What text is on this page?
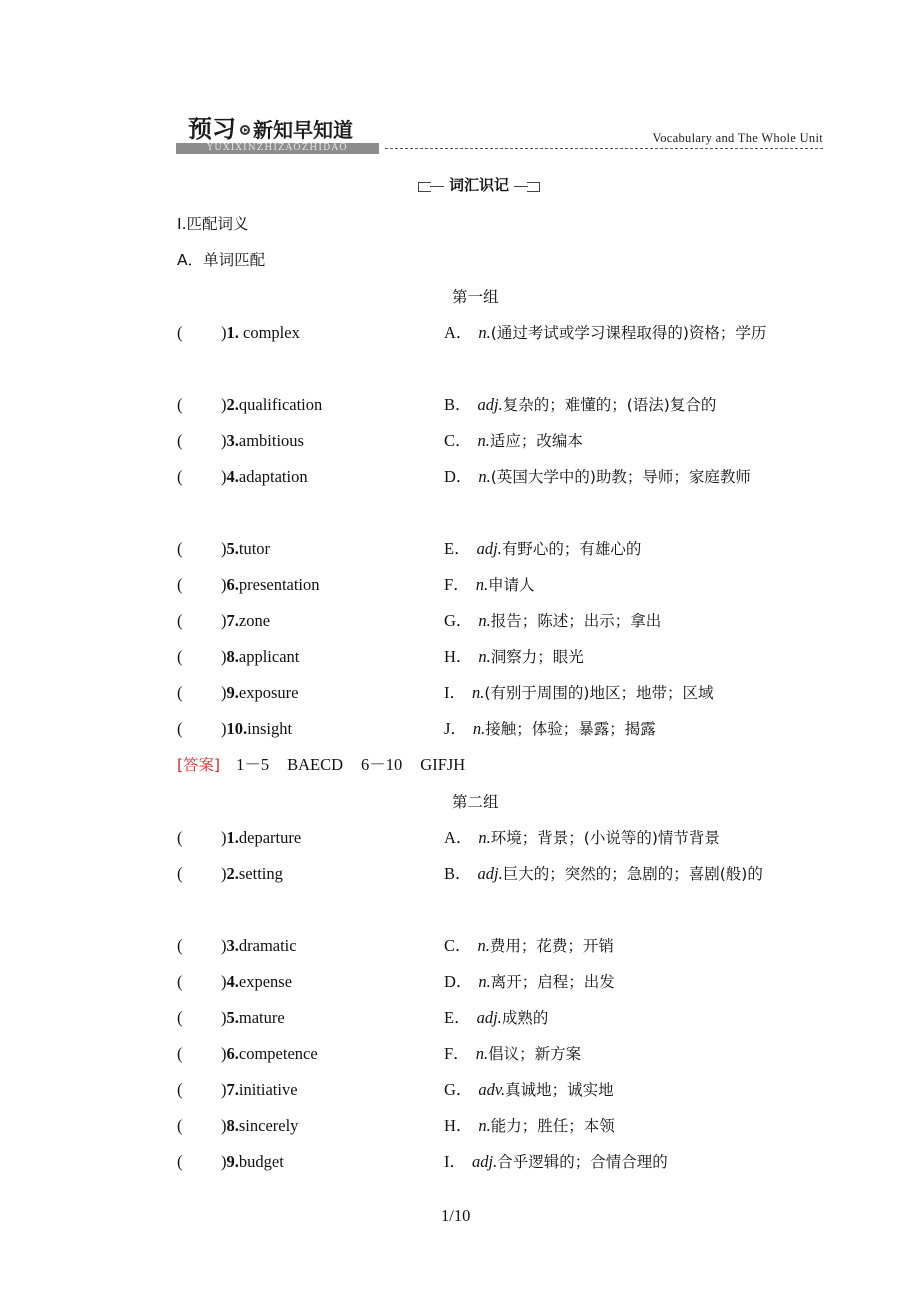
预习 新知早知道
YUXIXINZHIZAOZHIDAO
Vocabulary and The Whole Unit
词汇识记
Ⅰ.匹配词义
A．单词匹配
第一组
( )1. complex
( )2.qualification
( )3.ambitious
( )4.adaptation
( )5.tutor
( )6.presentation
( )7.zone
( )8.applicant
( )9.exposure
( )10.insight
A． n.(通过考试或学习课程取得的)资格；学历
B． adj.复杂的；难懂的；(语法)复合的
C． n.适应；改编本
D． n.(英国大学中的)助教；导师；家庭教师
E． adj.有野心的；有雄心的
F． n.申请人
G． n.报告；陈述；出示；拿出
H． n.洞察力；眼光
I． n.(有别于周围的)地区；地带；区域
J． n.接触；体验；暴露；揭露
[答案] 1－5 BAECD 6－10 GIFJH
第二组
( )1.departure
( )2.setting
( )3.dramatic
( )4.expense
( )5.mature
( )6.competence
( )7.initiative
( )8.sincerely
( )9.budget
A． n.环境；背景；(小说等的)情节背景
B． adj.巨大的；突然的；急剧的；喜剧(般)的
C． n.费用；花费；开销
D． n.离开；启程；出发
E． adj.成熟的
F． n.倡议；新方案
G． adv.真诚地；诚实地
H． n.能力；胜任；本领
I． adj.合乎逻辑的；合情合理的
1/10
